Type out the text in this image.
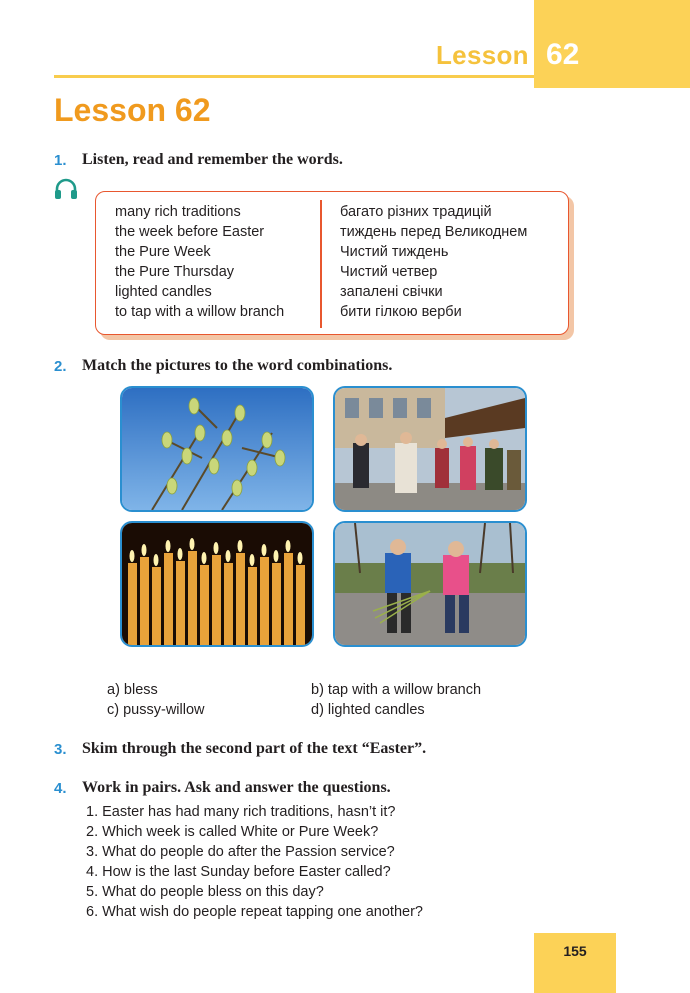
Lesson 62
Lesson 62
1. Listen, read and remember the words.
many rich traditions
the week before Easter
the Pure Week
the Pure Thursday
lighted candles
to tap with a willow branch
багато різних традицій
тиждень перед Великоднем
Чистий тиждень
Чистий четвер
запалені свічки
бити гілкою верби
2. Match the pictures to the word combinations.
a) bless	b) tap with a willow branch
c) pussy-willow	d) lighted candles
3. Skim through the second part of the text “Easter”.
4. Work in pairs. Ask and answer the questions.
1. Easter has had many rich traditions, hasn’t it?
2. Which week is called White or Pure Week?
3. What do people do after the Passion service?
4. How is the last Sunday before Easter called?
5. What do people bless on this day?
6. What wish do people repeat tapping one another?
155
